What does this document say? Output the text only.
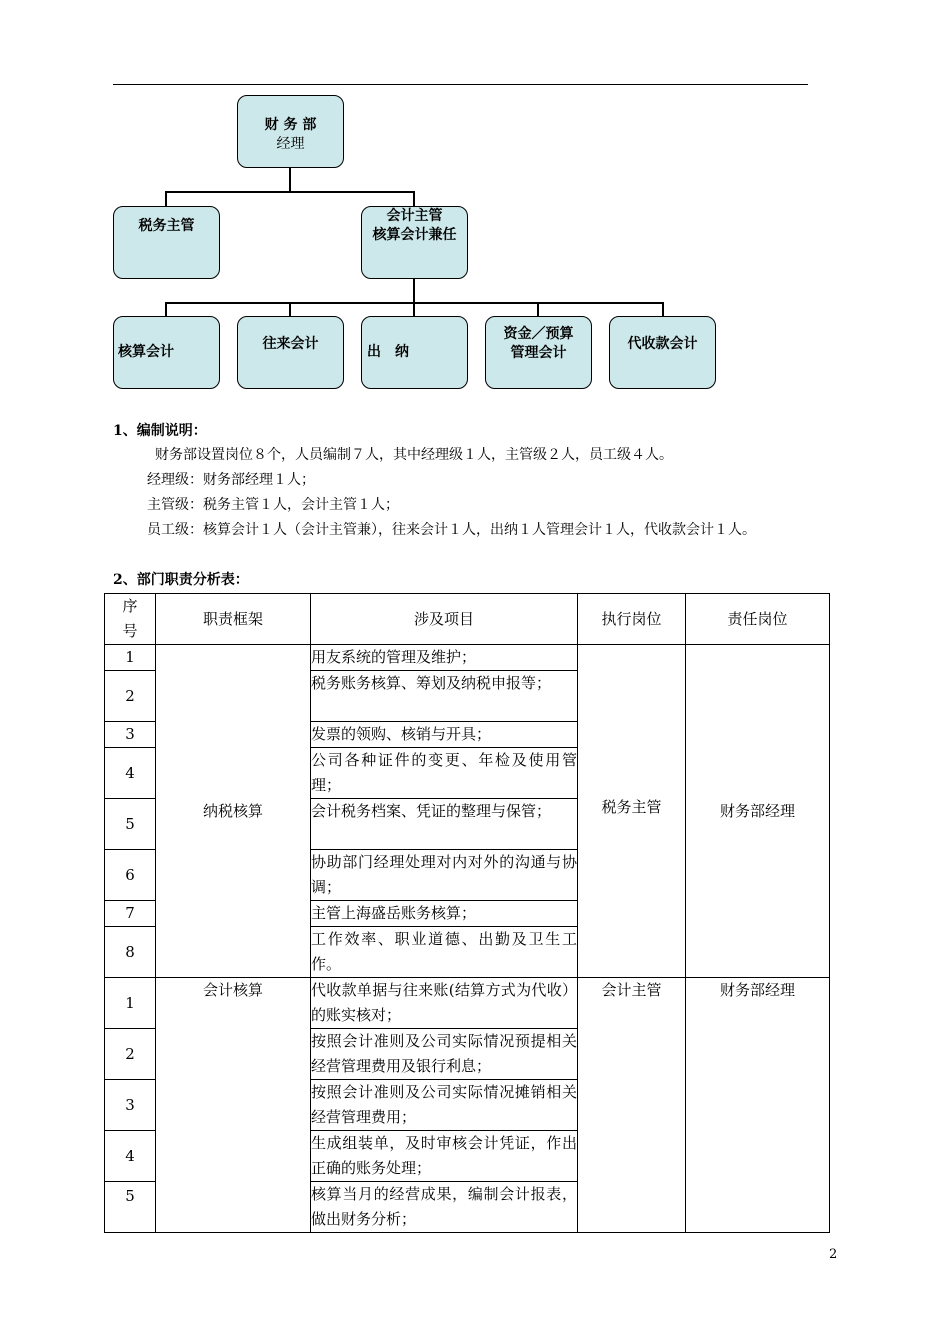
财 务 部
经理
税务主管
会计主管
核算会计兼任
核算会计	往来会计	出　纳
资金／预算
管理会计
代收款会计
1、编制说明：
财务部设置岗位８个，人员编制７人，其中经理级１人，主管级２人，员工级４人。
经理级：财务部经理１人；
主管级：税务主管１人，会计主管１人；
员工级：核算会计１人（会计主管兼），往来会计１人，出纳１人管理会计１人，代收款会计１人。
2、部门职责分析表：
序
号	职责框架	涉及项目	执行岗位	责任岗位
1	纳税核算	用友系统的管理及维护；	税务主管	财务部经理
2		税务账务核算、筹划及纳税申报等；		
3		发票的领购、核销与开具；		
4		公司各种证件的变更、年检及使用管理；		
5		会计税务档案、凭证的整理与保管；		
6		协助部门经理处理对内对外的沟通与协调；		
7		主管上海盛岳账务核算；		
8		工作效率、职业道德、出勤及卫生工作。		
1	会计核算	代收款单据与往来账(结算方式为代收）的账实核对；	会计主管	财务部经理
2		按照会计准则及公司实际情况预提相关经营管理费用及银行利息；		
3		按照会计准则及公司实际情况摊销相关经营管理费用；		
4		生成组装单，及时审核会计凭证，作出正确的账务处理；		
5		核算当月的经营成果，编制会计报表，做出财务分析；		
2
